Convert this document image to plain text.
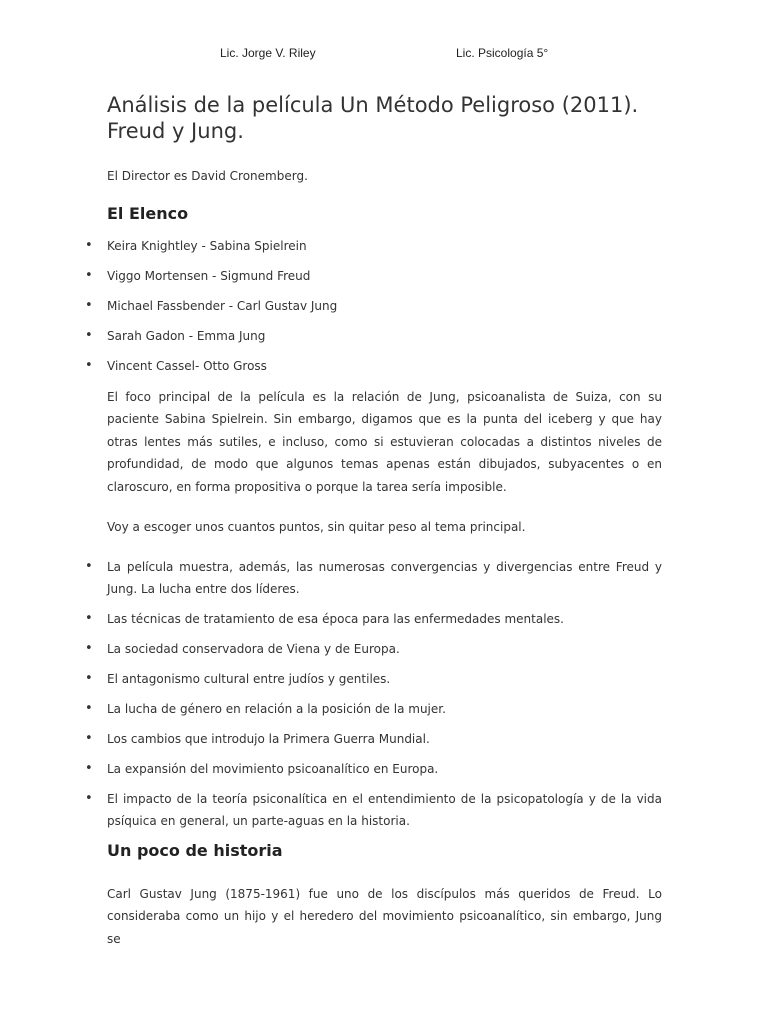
Lic. Jorge V. Riley	Lic. Psicología 5°
Análisis de la película Un Método Peligroso (2011). Freud y Jung.

El Director es David Cronemberg.

El Elenco
• Keira Knightley - Sabina Spielrein
• Viggo Mortensen - Sigmund Freud
• Michael Fassbender - Carl Gustav Jung
• Sarah Gadon - Emma Jung
• Vincent Cassel- Otto Gross

El foco principal de la película es la relación de Jung, psicoanalista de Suiza, con su paciente Sabina Spielrein. Sin embargo, digamos que es la punta del iceberg y que hay otras lentes más sutiles, e incluso, como si estuvieran colocadas a distintos niveles de profundidad, de modo que algunos temas apenas están dibujados, subyacentes o en claroscuro, en forma propositiva o porque la tarea sería imposible.

Voy a escoger unos cuantos puntos, sin quitar peso al tema principal.

• La película muestra, además, las numerosas convergencias y divergencias entre Freud y Jung. La lucha entre dos líderes.
• Las técnicas de tratamiento de esa época para las enfermedades mentales.
• La sociedad conservadora de Viena y de Europa.
• El antagonismo cultural entre judíos y gentiles.
• La lucha de género en relación a la posición de la mujer.
• Los cambios que introdujo la Primera Guerra Mundial.
• La expansión del movimiento psicoanalítico en Europa.
• El impacto de la teoría psiconalítica en el entendimiento de la psicopatología y de la vida psíquica en general, un parte-aguas en la historia.
Un poco de historia

Carl Gustav Jung (1875-1961) fue uno de los discípulos más queridos de Freud. Lo consideraba como un hijo y el heredero del movimiento psicoanalítico, sin embargo, Jung se
